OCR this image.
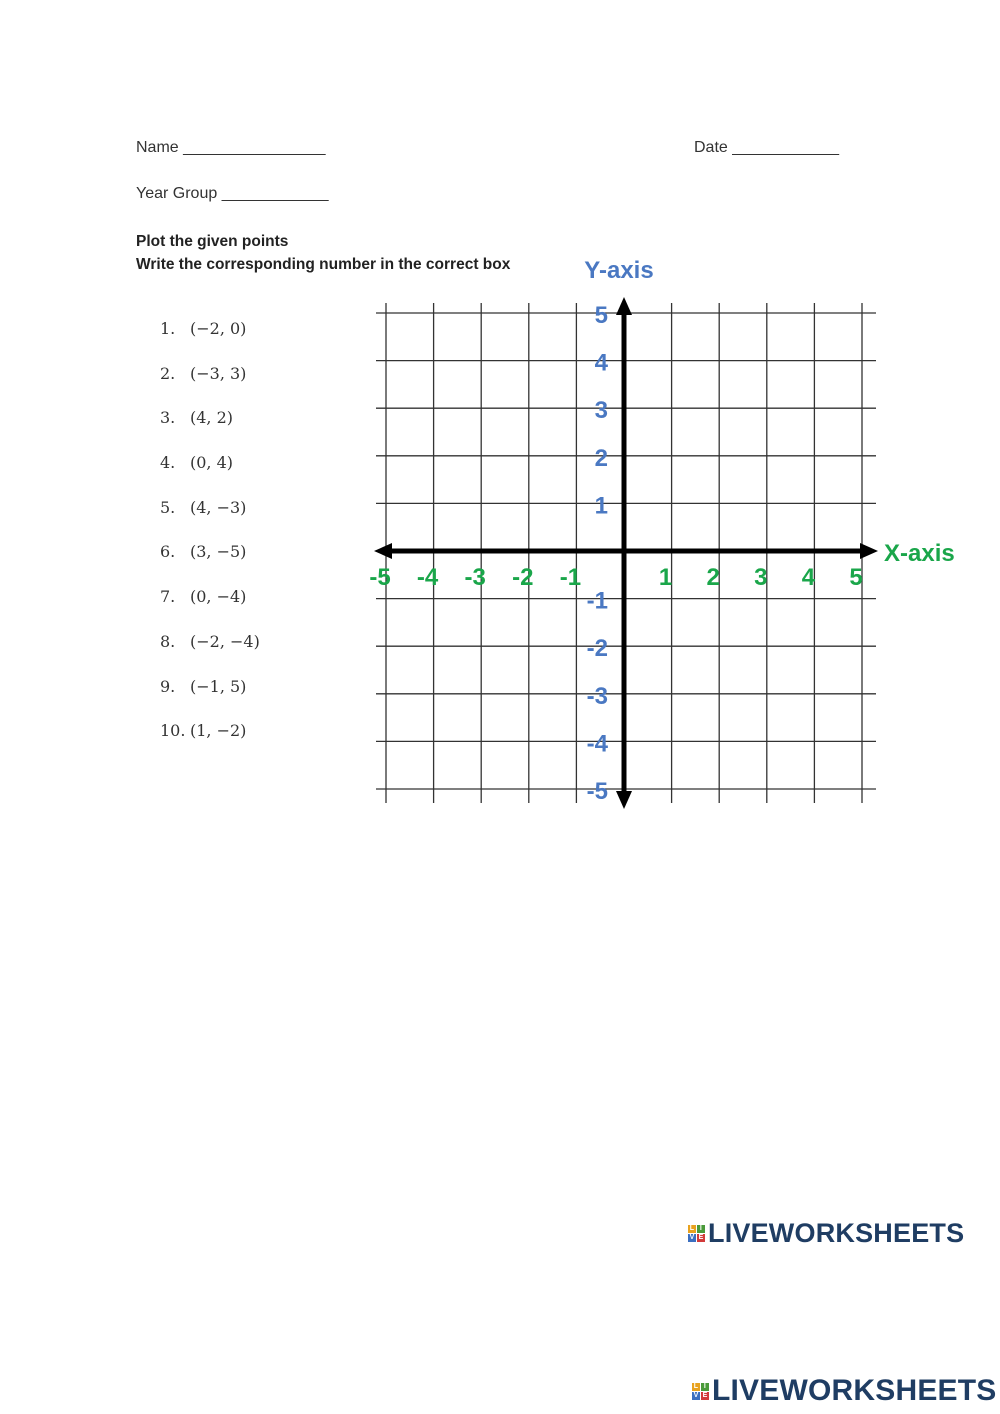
Name ________________	Date ____________
Year Group ____________
Plot the given points
Write the corresponding number in the correct box
1. (−2, 0)
2. (−3, 3)
3. (4, 2)
4. (0, 4)
5. (4, −3)
6. (3, −5)
7. (0, −4)
8. (−2, −4)
9. (−1, 5)
10. (1, −2)
-5 -4 -3 -2 -1	1 2 3 4 5
5
4
3
2
1
-1
-2
-3
-4
-5
X-axis
Y-axis
L I
V E LIVEWORKSHEETS
L I
V E LIVEWORKSHEETS
